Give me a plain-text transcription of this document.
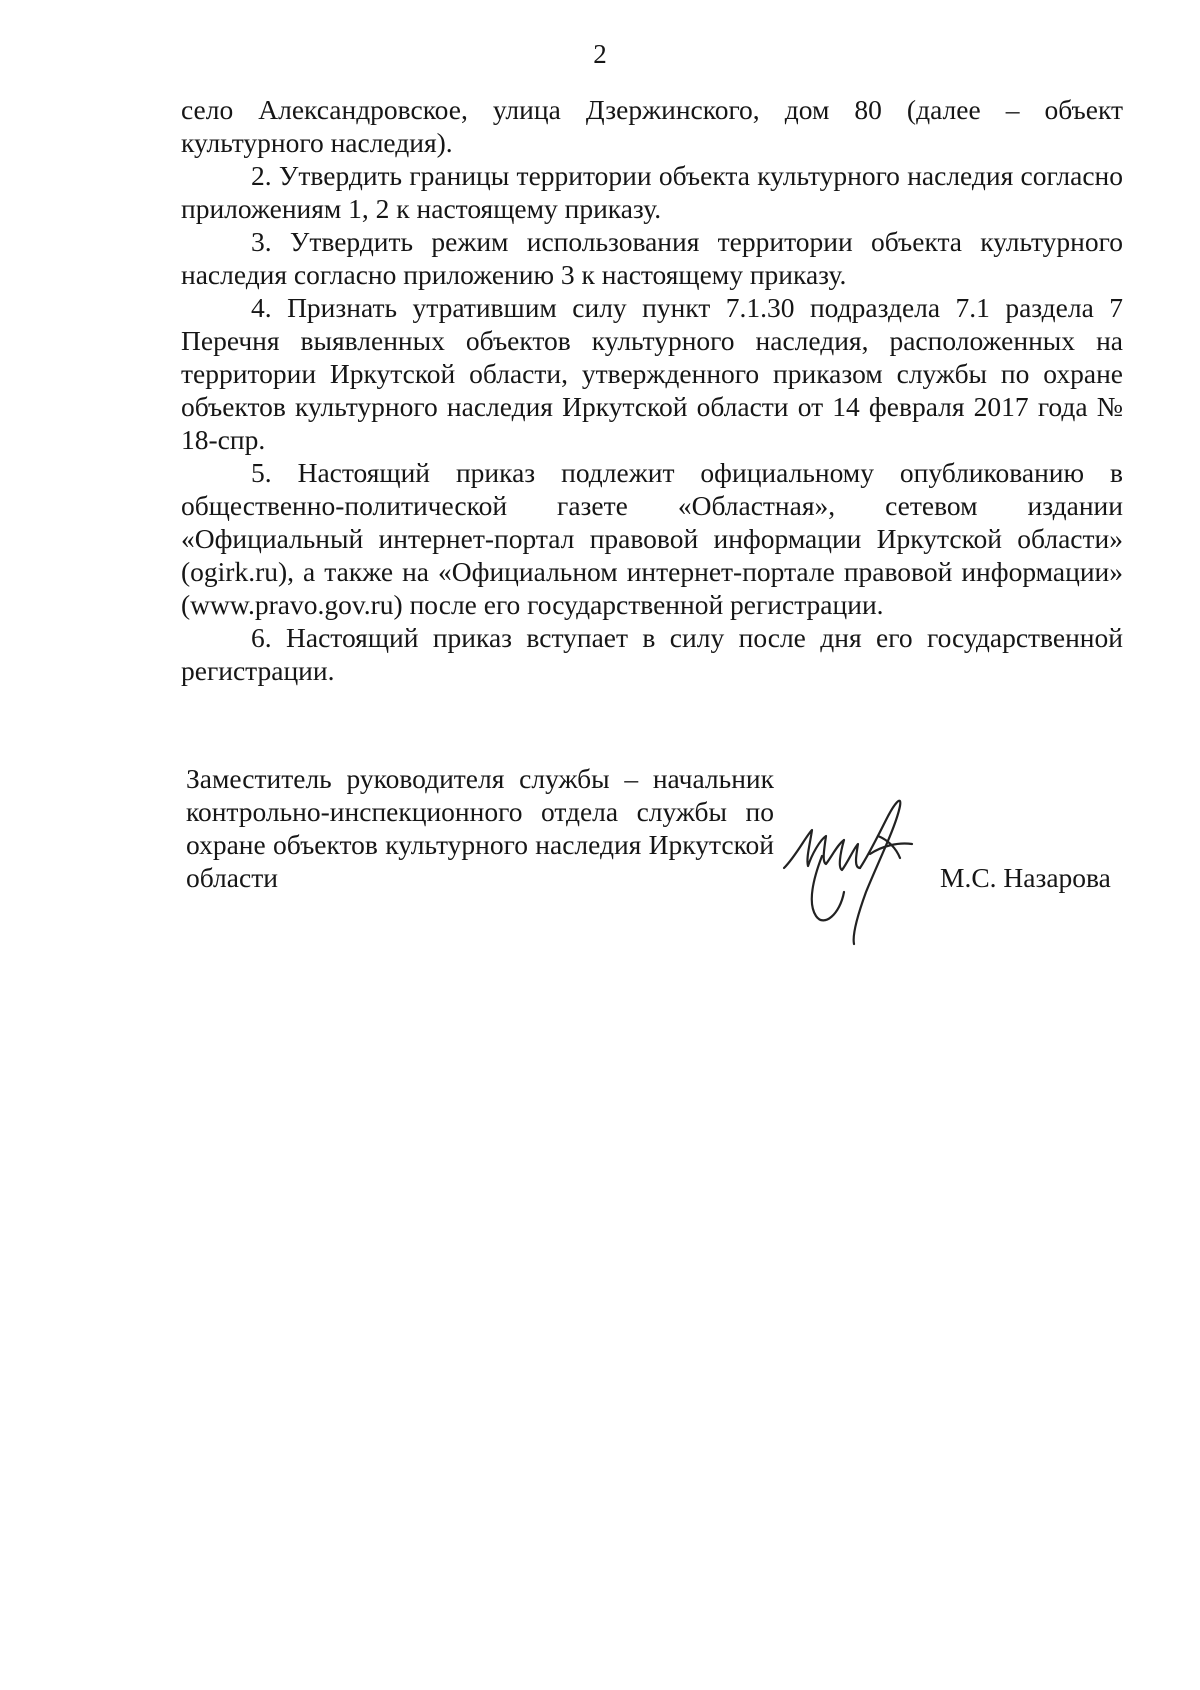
2

село Александровское, улица Дзержинского, дом 80 (далее – объект культурного наследия).

2. Утвердить границы территории объекта культурного наследия согласно приложениям 1, 2 к настоящему приказу.

3. Утвердить режим использования территории объекта культурного наследия согласно приложению 3 к настоящему приказу.

4. Признать утратившим силу пункт 7.1.30 подраздела 7.1 раздела 7 Перечня выявленных объектов культурного наследия, расположенных на территории Иркутской области, утвержденного приказом службы по охране объектов культурного наследия Иркутской области от 14 февраля 2017 года № 18-спр.

5. Настоящий приказ подлежит официальному опубликованию в общественно-политической газете «Областная», сетевом издании «Официальный интернет-портал правовой информации Иркутской области» (ogirk.ru), а также на «Официальном интернет-портале правовой информации» (www.pravo.gov.ru) после его государственной регистрации.

6. Настоящий приказ вступает в силу после дня его государственной регистрации.

Заместитель руководителя службы – начальник контрольно-инспекционного отдела службы по охране объектов культурного наследия Иркутской области	М.С. Назарова
